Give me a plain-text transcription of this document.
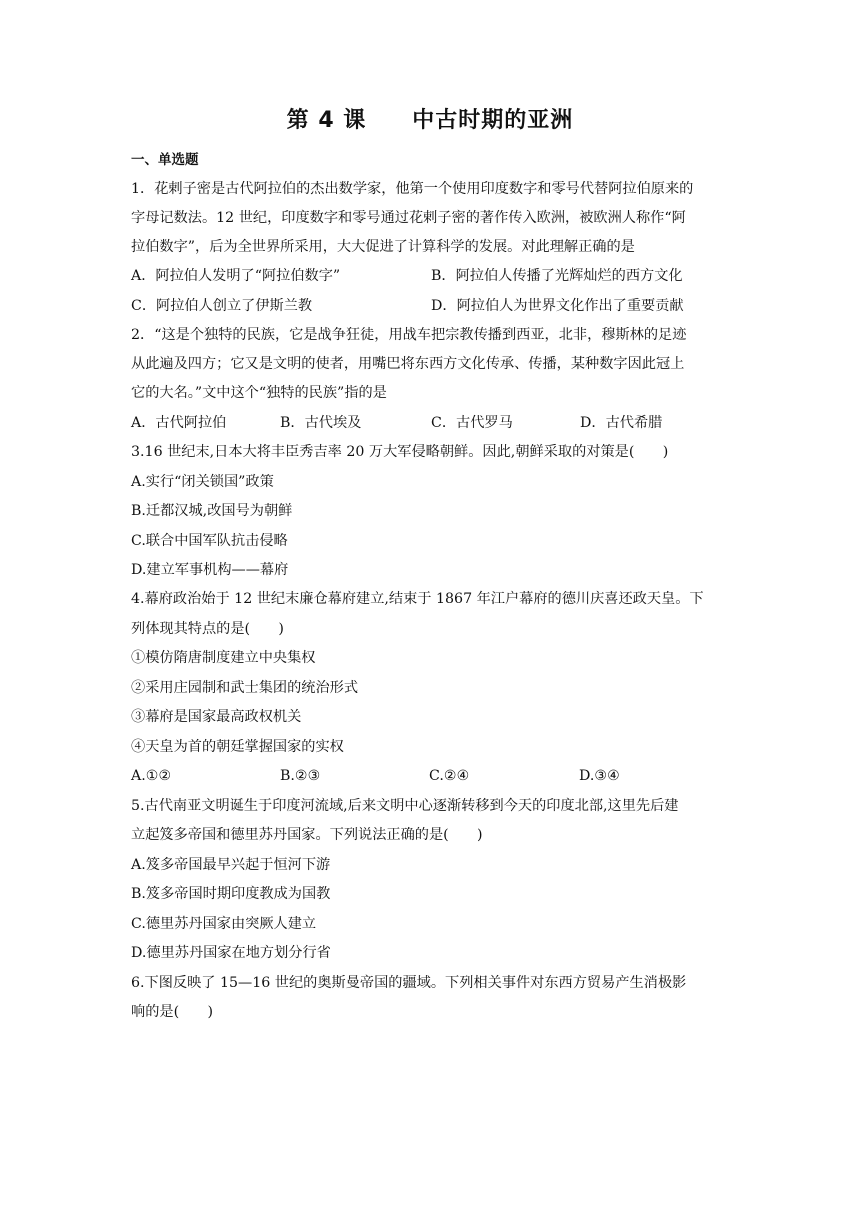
第 4 课　　中古时期的亚洲
一、单选题
1．花剌子密是古代阿拉伯的杰出数学家，他第一个使用印度数字和零号代替阿拉伯原来的
字母记数法。12 世纪，印度数字和零号通过花剌子密的著作传入欧洲，被欧洲人称作“阿
拉伯数字”，后为全世界所采用，大大促进了计算科学的发展。对此理解正确的是
A．阿拉伯人发明了“阿拉伯数字”	B．阿拉伯人传播了光辉灿烂的西方文化
C．阿拉伯人创立了伊斯兰教	D．阿拉伯人为世界文化作出了重要贡献
2．“这是个独特的民族，它是战争狂徒，用战车把宗教传播到西亚，北非，穆斯林的足迹
从此遍及四方；它又是文明的使者，用嘴巴将东西方文化传承、传播，某种数字因此冠上
它的大名。”文中这个“独特的民族”指的是
A．古代阿拉伯	B．古代埃及	C．古代罗马	D．古代希腊
3.16 世纪末,日本大将丰臣秀吉率 20 万大军侵略朝鲜。因此,朝鲜采取的对策是(　　)
A.实行“闭关锁国”政策
B.迁都汉城,改国号为朝鲜
C.联合中国军队抗击侵略
D.建立军事机构——幕府
4.幕府政治始于 12 世纪末廉仓幕府建立,结束于 1867 年江户幕府的德川庆喜还政天皇。下
列体现其特点的是(　　)
①模仿隋唐制度建立中央集权
②采用庄园制和武士集团的统治形式
③幕府是国家最高政权机关
④天皇为首的朝廷掌握国家的实权
A.①②	B.②③	C.②④	D.③④
5.古代南亚文明诞生于印度河流域,后来文明中心逐渐转移到今天的印度北部,这里先后建
立起笈多帝国和德里苏丹国家。下列说法正确的是(　　)
A.笈多帝国最早兴起于恒河下游
B.笈多帝国时期印度教成为国教
C.德里苏丹国家由突厥人建立
D.德里苏丹国家在地方划分行省
6.下图反映了 15—16 世纪的奥斯曼帝国的疆域。下列相关事件对东西方贸易产生消极影
响的是(　　)
